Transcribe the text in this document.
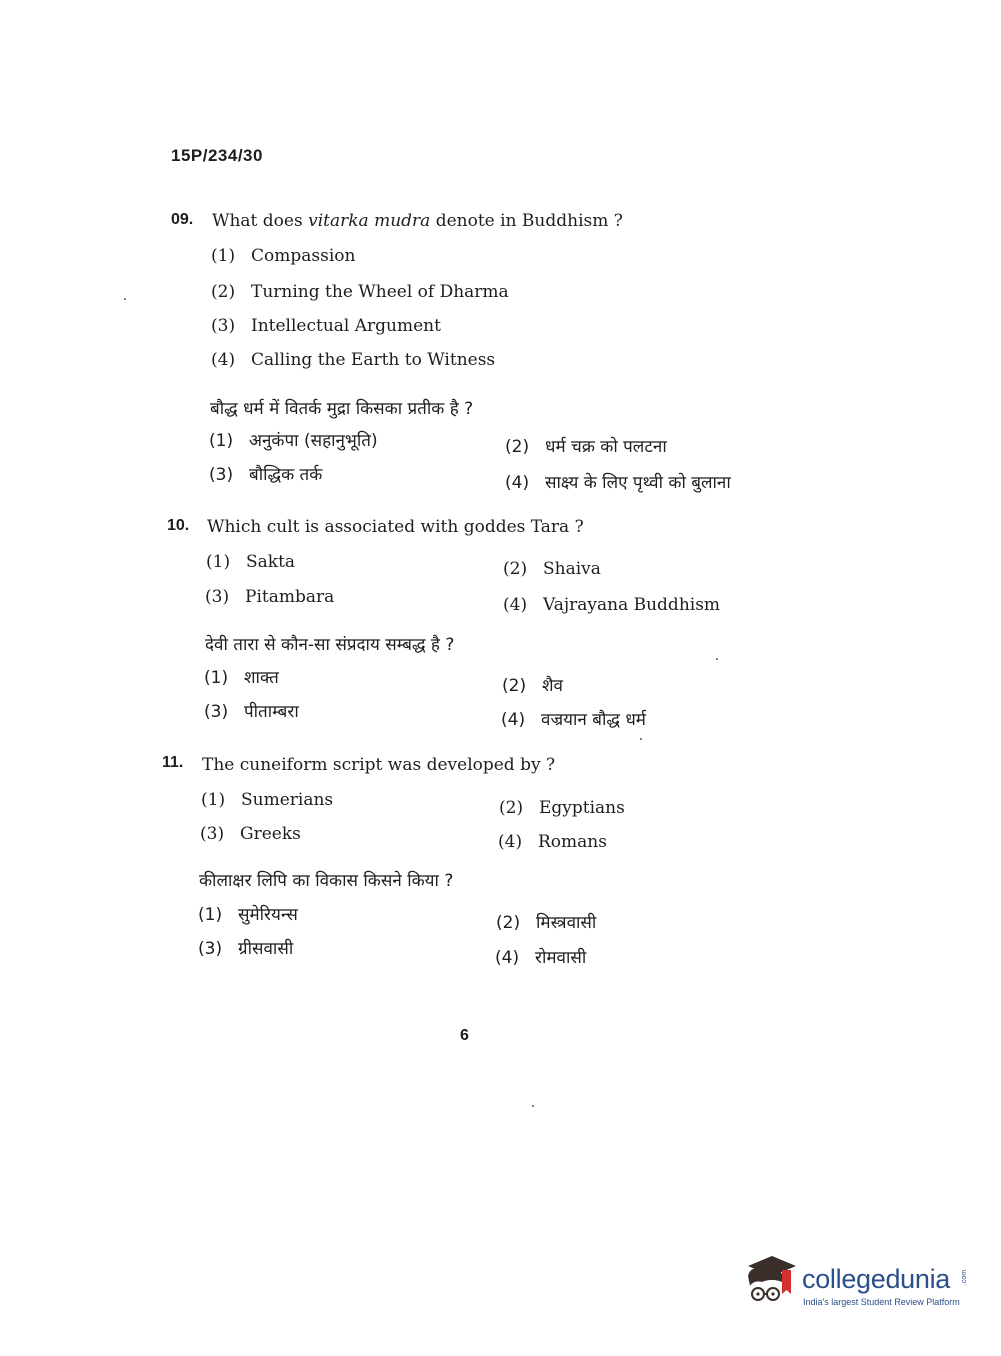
15P/234/30
09. What does vitarka mudra denote in Buddhism ?
(1) Compassion
(2) Turning the Wheel of Dharma
(3) Intellectual Argument
(4) Calling the Earth to Witness
बौद्ध धर्म में वितर्क मुद्रा किसका प्रतीक है ?
(1) अनुकंपा (सहानुभूति)	(2) धर्म चक्र को पलटना
(3) बौद्धिक तर्क	(4) साक्ष्य के लिए पृथ्वी को बुलाना
10. Which cult is associated with goddes Tara ?
(1) Sakta	(2) Shaiva
(3) Pitambara	(4) Vajrayana Buddhism
देवी तारा से कौन-सा संप्रदाय सम्बद्ध है ?
(1) शाक्त	(2) शैव
(3) पीताम्बरा	(4) वज्रयान बौद्ध धर्म
11. The cuneiform script was developed by ?
(1) Sumerians	(2) Egyptians
(3) Greeks	(4) Romans
कीलाक्षर लिपि का विकास किसने किया ?
(1) सुमेरियन्स	(2) मिस्त्रवासी
(3) ग्रीसवासी	(4) रोमवासी
6
collegedunia .com
India's largest Student Review Platform
